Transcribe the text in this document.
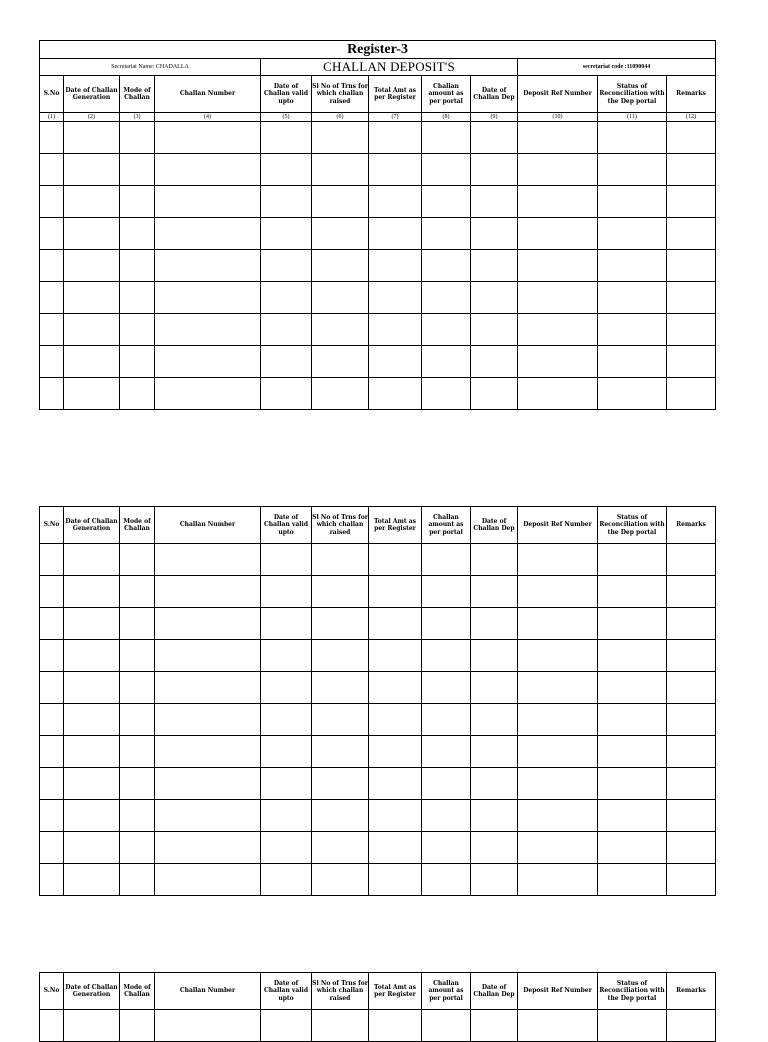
Register-3											
Secretariat Name: CHADALLA				CHALLAN DEPOSIT'S					secretariat code :11090044		
S.No	Date of Challan Generation	Mode of Challan	Challan Number	Date of Challan valid upto	Sl No of Trns for which challan raised	Total Amt as per Register	Challan amount as per portal	Date of Challan Dep	Deposit Ref Number	Status of Reconciliation with the Dep portal	Remarks
(1)	(2)	(3)	(4)	(5)	(6)	(7)	(8)	(9)	(10)	(11)	(12)

S.No	Date of Challan Generation	Mode of Challan	Challan Number	Date of Challan valid upto	Sl No of Trns for which challan raised	Total Amt as per Register	Challan amount as per portal	Date of Challan Dep	Deposit Ref Number	Status of Reconciliation with the Dep portal	Remarks

S.No	Date of Challan Generation	Mode of Challan	Challan Number	Date of Challan valid upto	Sl No of Trns for which challan raised	Total Amt as per Register	Challan amount as per portal	Date of Challan Dep	Deposit Ref Number	Status of Reconciliation with the Dep portal	Remarks
